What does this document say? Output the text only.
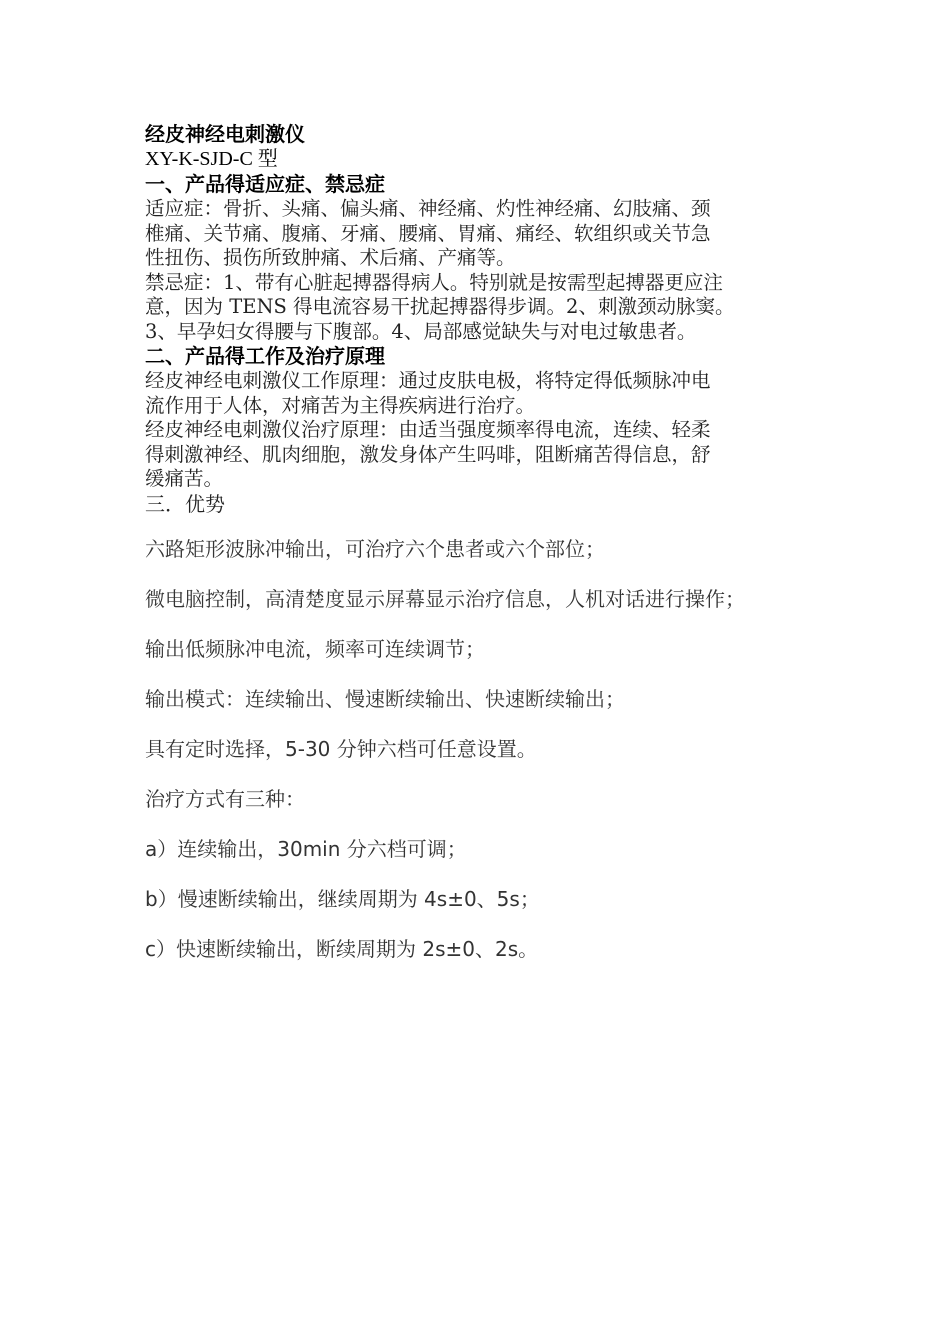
经皮神经电刺激仪
XY-K-SJD-C 型
一、产品得适应症、禁忌症
适应症：骨折、头痛、偏头痛、神经痛、灼性神经痛、幻肢痛、颈
椎痛、关节痛、腹痛、牙痛、腰痛、胃痛、痛经、软组织或关节急
性扭伤、损伤所致肿痛、术后痛、产痛等。
禁忌症：1、带有心脏起搏器得病人。特别就是按需型起搏器更应注
意，因为 TENS 得电流容易干扰起搏器得步调。2、刺激颈动脉窦。
3、早孕妇女得腰与下腹部。4、局部感觉缺失与对电过敏患者。
二、产品得工作及治疗原理
经皮神经电刺激仪工作原理：通过皮肤电极，将特定得低频脉冲电
流作用于人体，对痛苦为主得疾病进行治疗。
经皮神经电刺激仪治疗原理：由适当强度频率得电流，连续、轻柔
得刺激神经、肌肉细胞，激发身体产生吗啡，阻断痛苦得信息，舒
缓痛苦。
三．优势
六路矩形波脉冲输出，可治疗六个患者或六个部位；
微电脑控制，高清楚度显示屏幕显示治疗信息，人机对话进行操作；
输出低频脉冲电流，频率可连续调节；
输出模式：连续输出、慢速断续输出、快速断续输出；
具有定时选择，5-30 分钟六档可任意设置。
治疗方式有三种：
a）连续输出，30min 分六档可调；
b）慢速断续输出，继续周期为 4s±0、5s；
c）快速断续输出，断续周期为 2s±0、2s。
